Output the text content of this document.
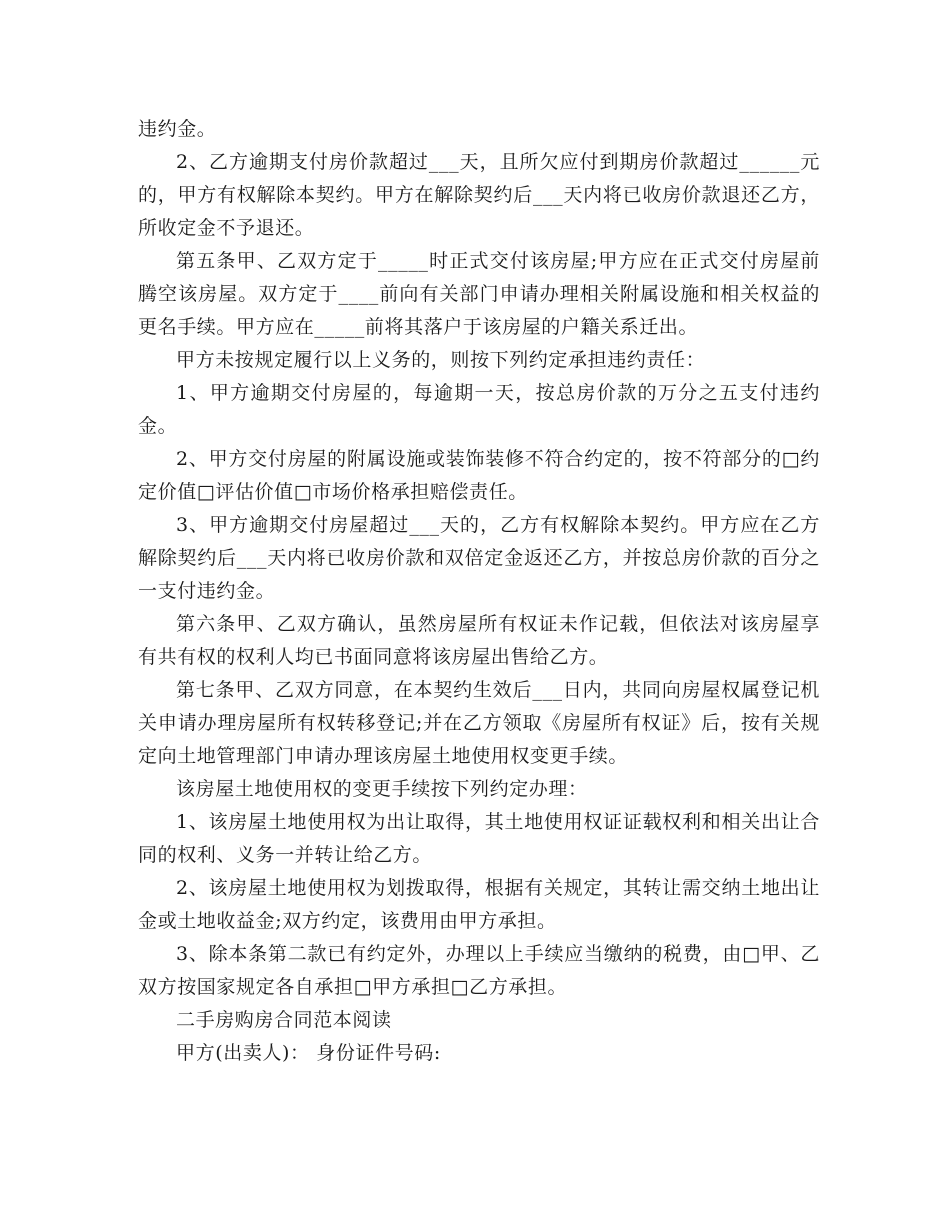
违约金。

2、乙方逾期支付房价款超过___天，且所欠应付到期房价款超过______元的，甲方有权解除本契约。甲方在解除契约后___天内将已收房价款退还乙方，所收定金不予退还。

第五条甲、乙双方定于_____时正式交付该房屋;甲方应在正式交付房屋前腾空该房屋。双方定于____前向有关部门申请办理相关附属设施和相关权益的更名手续。甲方应在_____前将其落户于该房屋的户籍关系迁出。

甲方未按规定履行以上义务的，则按下列约定承担违约责任：

1、甲方逾期交付房屋的，每逾期一天，按总房价款的万分之五支付违约金。

2、甲方交付房屋的附属设施或装饰装修不符合约定的，按不符部分的□约定价值□评估价值□市场价格承担赔偿责任。

3、甲方逾期交付房屋超过___天的，乙方有权解除本契约。甲方应在乙方解除契约后___天内将已收房价款和双倍定金返还乙方，并按总房价款的百分之一支付违约金。

第六条甲、乙双方确认，虽然房屋所有权证未作记载，但依法对该房屋享有共有权的权利人均已书面同意将该房屋出售给乙方。

第七条甲、乙双方同意，在本契约生效后___日内，共同向房屋权属登记机关申请办理房屋所有权转移登记;并在乙方领取《房屋所有权证》后，按有关规定向土地管理部门申请办理该房屋土地使用权变更手续。

该房屋土地使用权的变更手续按下列约定办理：

1、该房屋土地使用权为出让取得，其土地使用权证证载权利和相关出让合同的权利、义务一并转让给乙方。

2、该房屋土地使用权为划拨取得，根据有关规定，其转让需交纳土地出让金或土地收益金;双方约定，该费用由甲方承担。

3、除本条第二款已有约定外，办理以上手续应当缴纳的税费，由□甲、乙双方按国家规定各自承担□甲方承担□乙方承担。

二手房购房合同范本阅读

甲方(出卖人)： 身份证件号码:
